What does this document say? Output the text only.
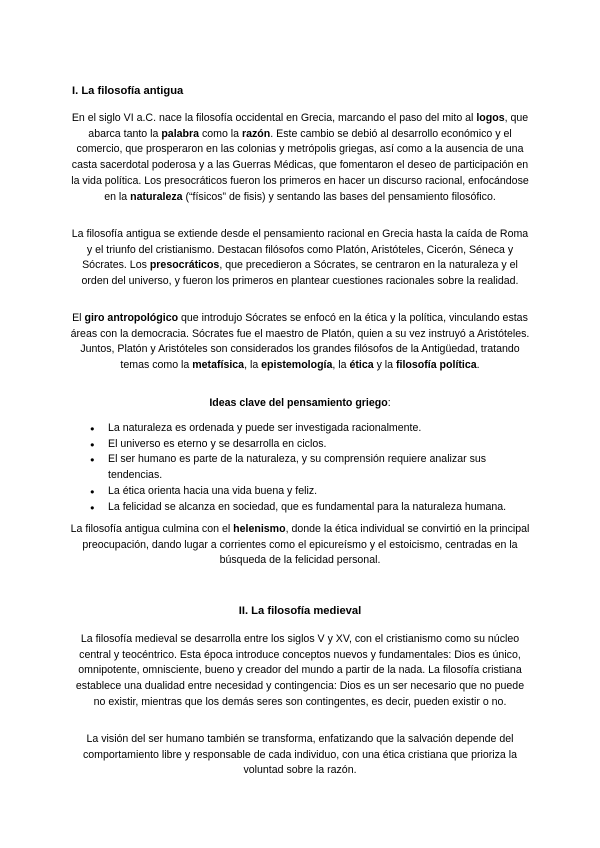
I. La filosofía antigua

En el siglo VI a.C. nace la filosofía occidental en Grecia, marcando el paso del mito al logos, que abarca tanto la palabra como la razón. Este cambio se debió al desarrollo económico y el comercio, que prosperaron en las colonias y metrópolis griegas, así como a la ausencia de una casta sacerdotal poderosa y a las Guerras Médicas, que fomentaron el deseo de participación en la vida política. Los presocráticos fueron los primeros en hacer un discurso racional, enfocándose en la naturaleza (“físicos” de fisis) y sentando las bases del pensamiento filosófico.

La filosofía antigua se extiende desde el pensamiento racional en Grecia hasta la caída de Roma y el triunfo del cristianismo. Destacan filósofos como Platón, Aristóteles, Cicerón, Séneca y Sócrates. Los presocráticos, que precedieron a Sócrates, se centraron en la naturaleza y el orden del universo, y fueron los primeros en plantear cuestiones racionales sobre la realidad.

El giro antropológico que introdujo Sócrates se enfocó en la ética y la política, vinculando estas áreas con la democracia. Sócrates fue el maestro de Platón, quien a su vez instruyó a Aristóteles. Juntos, Platón y Aristóteles son considerados los grandes filósofos de la Antigüedad, tratando temas como la metafísica, la epistemología, la ética y la filosofía política.

Ideas clave del pensamiento griego:
● La naturaleza es ordenada y puede ser investigada racionalmente.
● El universo es eterno y se desarrolla en ciclos.
● El ser humano es parte de la naturaleza, y su comprensión requiere analizar sus tendencias.
● La ética orienta hacia una vida buena y feliz.
● La felicidad se alcanza en sociedad, que es fundamental para la naturaleza humana.

La filosofía antigua culmina con el helenismo, donde la ética individual se convirtió en la principal preocupación, dando lugar a corrientes como el epicureísmo y el estoicismo, centradas en la búsqueda de la felicidad personal.

II. La filosofía medieval

La filosofía medieval se desarrolla entre los siglos V y XV, con el cristianismo como su núcleo central y teocéntrico. Esta época introduce conceptos nuevos y fundamentales: Dios es único, omnipotente, omnisciente, bueno y creador del mundo a partir de la nada. La filosofía cristiana establece una dualidad entre necesidad y contingencia: Dios es un ser necesario que no puede no existir, mientras que los demás seres son contingentes, es decir, pueden existir o no.

La visión del ser humano también se transforma, enfatizando que la salvación depende del comportamiento libre y responsable de cada individuo, con una ética cristiana que prioriza la voluntad sobre la razón.
